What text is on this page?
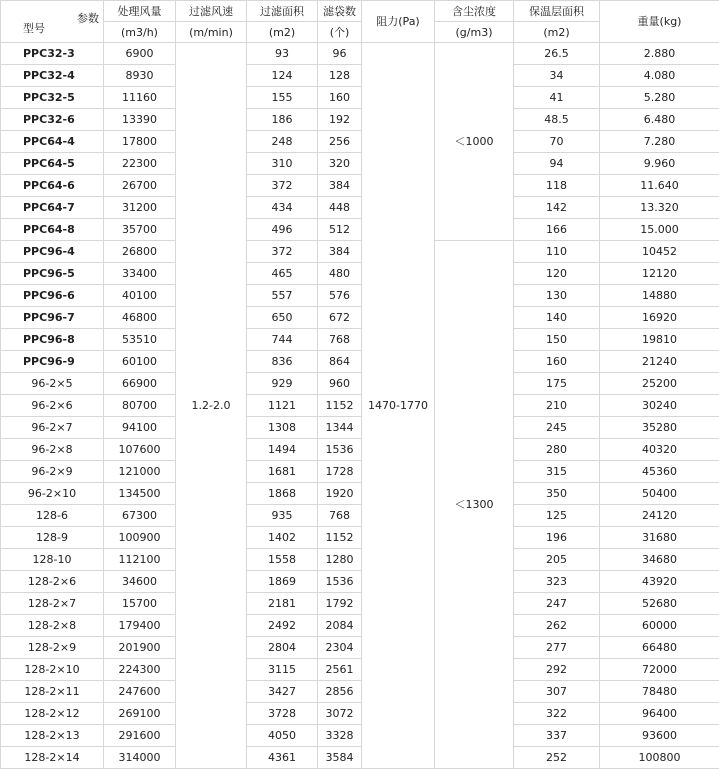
参数
型号	处理风量	过滤风速	过滤面积	滤袋数	阻力(Pa)	含尘浓度	保温层面积	重量(kg)
	(m3/h)	(m/min)	(m2)	(个)		(g/m3)	(m2)	
PPC32-3	6900	1.2-2.0	93	96	1470-1770	＜1000	26.5	2.880
PPC32-4	8930		124	128			34	4.080
PPC32-5	11160		155	160			41	5.280
PPC32-6	13390		186	192			48.5	6.480
PPC64-4	17800		248	256			70	7.280
PPC64-5	22300		310	320			94	9.960
PPC64-6	26700		372	384			118	11.640
PPC64-7	31200		434	448			142	13.320
PPC64-8	35700		496	512			166	15.000
PPC96-4	26800		372	384		＜1300	110	10452
PPC96-5	33400		465	480			120	12120
PPC96-6	40100		557	576			130	14880
PPC96-7	46800		650	672			140	16920
PPC96-8	53510		744	768			150	19810
PPC96-9	60100		836	864			160	21240
96-2×5	66900		929	960			175	25200
96-2×6	80700		1121	1152			210	30240
96-2×7	94100		1308	1344			245	35280
96-2×8	107600		1494	1536			280	40320
96-2×9	121000		1681	1728			315	45360
96-2×10	134500		1868	1920			350	50400
128-6	67300		935	768			125	24120
128-9	100900		1402	1152			196	31680
128-10	112100		1558	1280			205	34680
128-2×6	34600		1869	1536			323	43920
128-2×7	15700		2181	1792			247	52680
128-2×8	179400		2492	2084			262	60000
128-2×9	201900		2804	2304			277	66480
128-2×10	224300		3115	2561			292	72000
128-2×11	247600		3427	2856			307	78480
128-2×12	269100		3728	3072			322	96400
128-2×13	291600		4050	3328			337	93600
128-2×14	314000		4361	3584			252	100800
